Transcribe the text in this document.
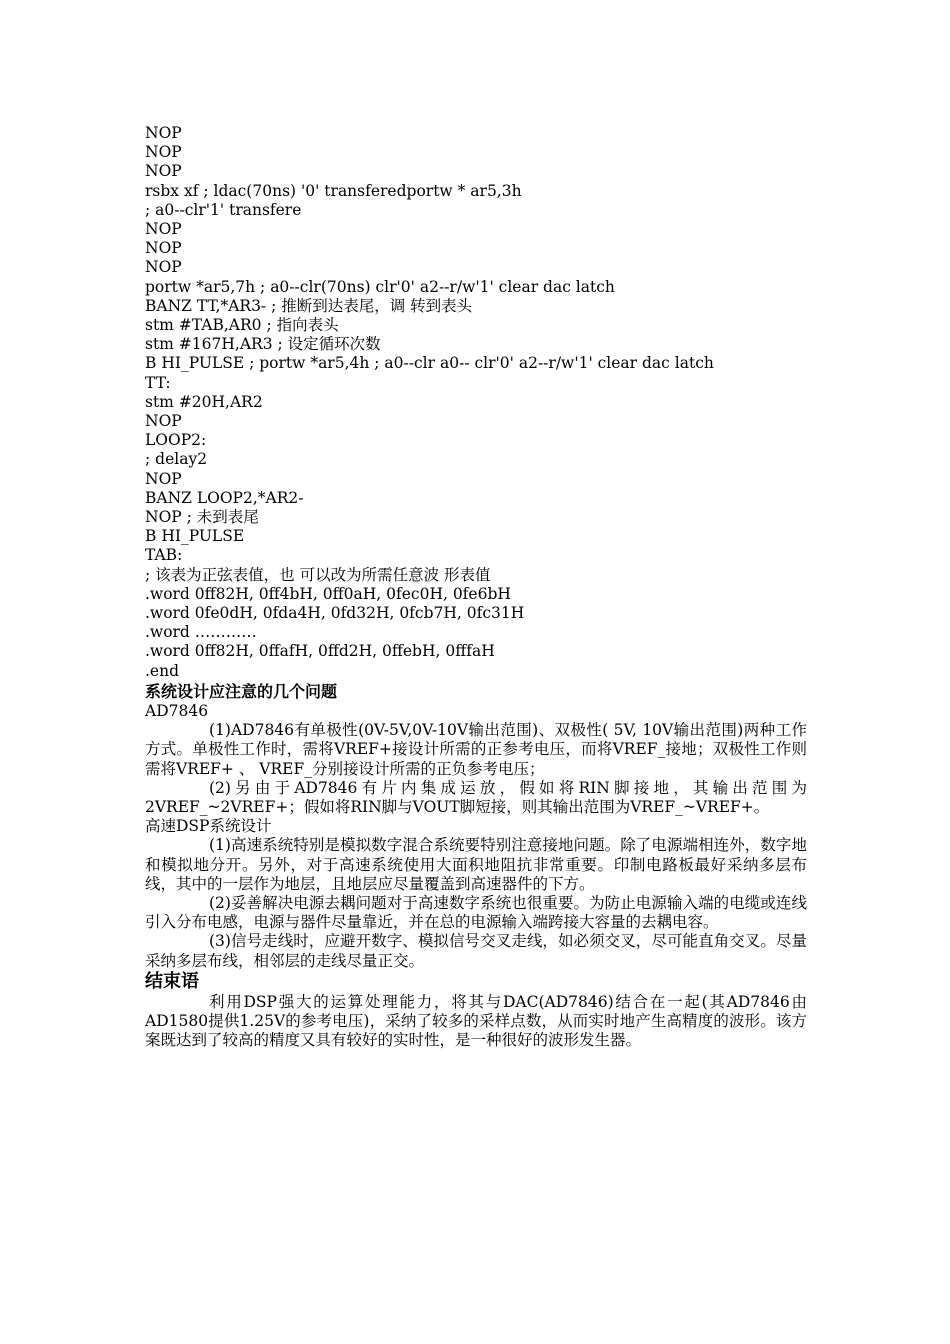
NOP
NOP
NOP
rsbx xf ; ldac(70ns) '0' transferedportw * ar5,3h
; a0--clr'1' transfere
NOP
NOP
NOP
portw *ar5,7h ; a0--clr(70ns) clr'0' a2--r/w'1' clear dac latch
BANZ TT,*AR3- ; 推断到达表尾，调 转到表头
stm #TAB,AR0 ; 指向表头
stm #167H,AR3 ; 设定循环次数
B HI_PULSE ; portw *ar5,4h ; a0--clr a0-- clr'0' a2--r/w'1' clear dac latch
TT:
stm #20H,AR2
NOP
LOOP2:
; delay2
NOP
BANZ LOOP2,*AR2-
NOP ; 未到表尾
B HI_PULSE
TAB:
; 该表为正弦表值，也 可以改为所需任意波 形表值
.word 0ff82H, 0ff4bH, 0ff0aH, 0fec0H, 0fe6bH
.word 0fe0dH, 0fda4H, 0fd32H, 0fcb7H, 0fc31H
.word …………
.word 0ff82H, 0ffafH, 0ffd2H, 0ffebH, 0fffaH
.end
系统设计应注意的几个问题

AD7846

(1)AD7846有单极性(0V-5V,0V-10V输出范围)、双极性( 5V, 10V输出范围)两种工作方式。单极性工作时，需将VREF+接设计所需的正参考电压，而将VREF_接地；双极性工作则需将VREF+ 、 VREF_分别接设计所需的正负参考电压；

(2)另由于AD7846有片内集成运放，假如将RIN脚接地，其输出范围为2VREF_~2VREF+；假如将RIN脚与VOUT脚短接，则其输出范围为VREF_~VREF+。

高速DSP系统设计

(1)高速系统特别是模拟数字混合系统要特别注意接地问题。除了电源端相连外，数字地和模拟地分开。另外，对于高速系统使用大面积地阻抗非常重要。印制电路板最好采纳多层布线，其中的一层作为地层，且地层应尽量覆盖到高速器件的下方。

(2)妥善解决电源去耦问题对于高速数字系统也很重要。为防止电源输入端的电缆或连线引入分布电感，电源与器件尽量靠近，并在总的电源输入端跨接大容量的去耦电容。

(3)信号走线时，应避开数字、模拟信号交叉走线，如必须交叉，尽可能直角交叉。尽量采纳多层布线，相邻层的走线尽量正交。

结束语

利用DSP强大的运算处理能力，将其与DAC(AD7846)结合在一起(其AD7846由AD1580提供1.25V的参考电压)，采纳了较多的采样点数，从而实时地产生高精度的波形。该方案既达到了较高的精度又具有较好的实时性，是一种很好的波形发生器。
